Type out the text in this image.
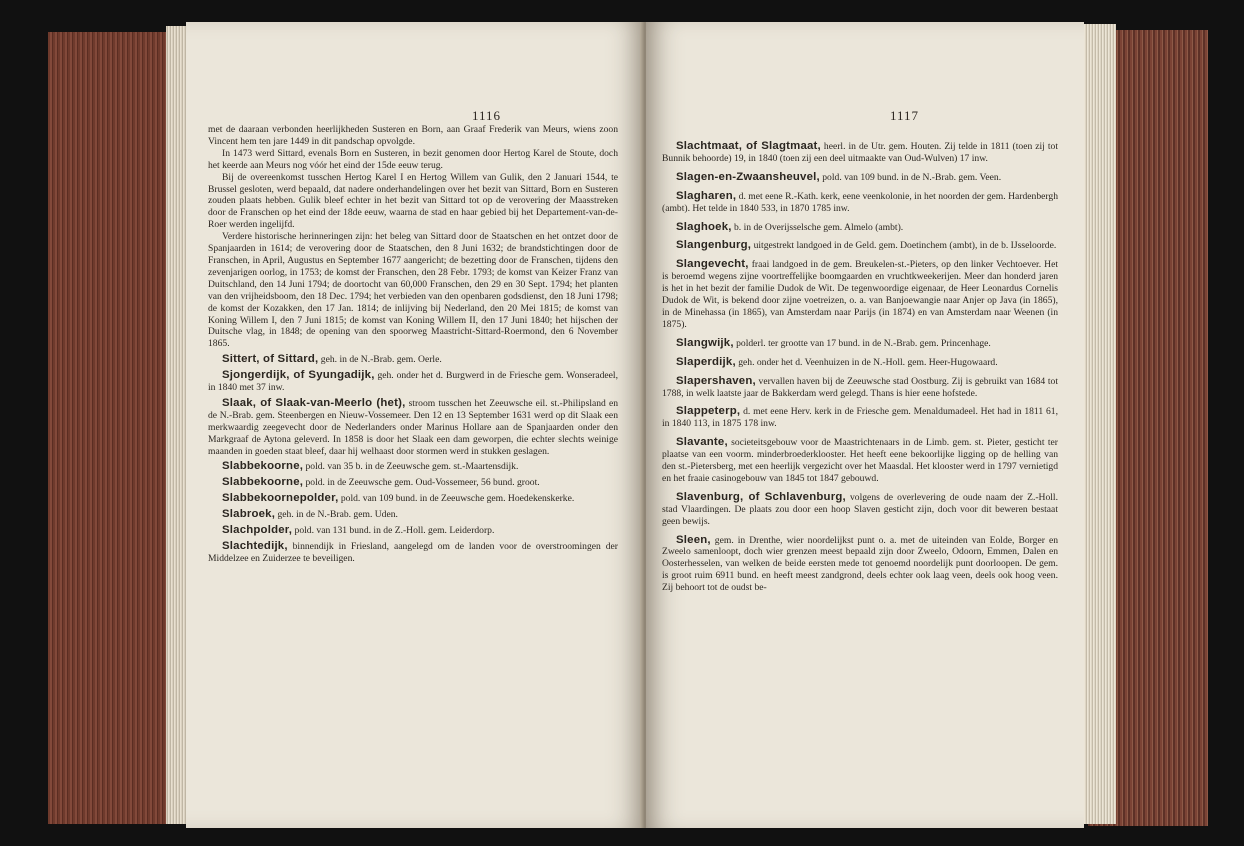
1116

met de daaraan verbonden heerlijkheden Susteren en Born, aan Graaf Frederik van Meurs, wiens zoon Vincent hem ten jare 1449 in dit pandschap opvolgde.

In 1473 werd Sittard, evenals Born en Susteren, in bezit genomen door Hertog Karel de Stoute, doch het keerde aan Meurs nog vóór het eind der 15de eeuw terug.

Bij de overeenkomst tusschen Hertog Karel I en Hertog Willem van Gulik, den 2 Januari 1544, te Brussel gesloten, werd bepaald, dat nadere onderhandelingen over het bezit van Sittard, Born en Susteren zouden plaats hebben. Gulik bleef echter in het bezit van Sittard tot op de verovering der Maasstreken door de Franschen op het eind der 18de eeuw, waarna de stad en haar gebied bij het Departement-van-de-Roer werden ingelijfd.

Verdere historische herinneringen zijn: het beleg van Sittard door de Staatschen en het ontzet door de Spanjaarden in 1614; de verovering door de Staatschen, den 8 Juni 1632; de brandstichtingen door de Franschen, in April, Augustus en September 1677 aangericht; de bezetting door de Franschen, tijdens den zevenjarigen oorlog, in 1753; de komst der Franschen, den 28 Febr. 1793; de komst van Keizer Franz van Duitschland, den 14 Juni 1794; de doortocht van 60,000 Franschen, den 29 en 30 Sept. 1794; het planten van den vrijheidsboom, den 18 Dec. 1794; het verbieden van den openbaren godsdienst, den 18 Juni 1798; de komst der Kozakken, den 17 Jan. 1814; de inlijving bij Nederland, den 20 Mei 1815; de komst van Koning Willem I, den 7 Juni 1815; de komst van Koning Willem II, den 17 Juni 1840; het hijschen der Duitsche vlag, in 1848; de opening van den spoorweg Maastricht-Sittard-Roermond, den 6 November 1865.

Sittert, of Sittard, geh. in de N.-Brab. gem. Oerle.

Sjongerdijk, of Syungadijk, geh. onder het d. Burgwerd in de Friesche gem. Wonseradeel, in 1840 met 37 inw.

Slaak, of Slaak-van-Meerlo (het), stroom tusschen het Zeeuwsche eil. st.-Philipsland en de N.-Brab. gem. Steenbergen en Nieuw-Vossemeer. Den 12 en 13 September 1631 werd op dit Slaak een merkwaardig zeegevecht door de Nederlanders onder Marinus Hollare aan de Spanjaarden onder den Markgraaf de Aytona geleverd. In 1858 is door het Slaak een dam geworpen, die echter slechts weinige maanden in goeden staat bleef, daar hij welhaast door stormen werd in stukken geslagen.

Slabbekoorne, pold. van 35 b. in de Zeeuwsche gem. st.-Maartensdijk.

Slabbekoorne, pold. in de Zeeuwsche gem. Oud-Vossemeer, 56 bund. groot.

Slabbekoornepolder, pold. van 109 bund. in de Zeeuwsche gem. Hoedekenskerke.

Slabroek, geh. in de N.-Brab. gem. Uden.

Slachpolder, pold. van 131 bund. in de Z.-Holl. gem. Leiderdorp.

Slachtedijk, binnendijk in Friesland, aangelegd om de landen voor de overstroomingen der Middelzee en Zuiderzee te beveiligen.

1117

Slachtmaat, of Slagtmaat, heerl. in de Utr. gem. Houten. Zij telde in 1811 (toen zij tot Bunnik behoorde) 19, in 1840 (toen zij een deel uitmaakte van Oud-Wulven) 17 inw.

Slagen-en-Zwaansheuvel, pold. van 109 bund. in de N.-Brab. gem. Veen.

Slagharen, d. met eene R.-Kath. kerk, eene veenkolonie, in het noorden der gem. Hardenbergh (ambt). Het telde in 1840 533, in 1870 1785 inw.

Slaghoek, b. in de Overijsselsche gem. Almelo (ambt).

Slangenburg, uitgestrekt landgoed in de Geld. gem. Doetinchem (ambt), in de b. IJsseloorde.

Slangevecht, fraai landgoed in de gem. Breukelen-st.-Pieters, op den linker Vechtoever. Het is beroemd wegens zijne voortreffelijke boomgaarden en vruchtkweekerijen. Meer dan honderd jaren is het in het bezit der familie Dudok de Wit. De tegenwoordige eigenaar, de Heer Leonardus Cornelis Dudok de Wit, is bekend door zijne voetreizen, o. a. van Banjoewangie naar Anjer op Java (in 1865), in de Minehassa (in 1865), van Amsterdam naar Parijs (in 1874) en van Amsterdam naar Weenen (in 1875).

Slangwijk, polderl. ter grootte van 17 bund. in de N.-Brab. gem. Princenhage.

Slaperdijk, geh. onder het d. Veenhuizen in de N.-Holl. gem. Heer-Hugowaard.

Slapershaven, vervallen haven bij de Zeeuwsche stad Oostburg. Zij is gebruikt van 1684 tot 1788, in welk laatste jaar de Bakkerdam werd gelegd. Thans is hier eene hofstede.

Slappeterp, d. met eene Herv. kerk in de Friesche gem. Menaldumadeel. Het had in 1811 61, in 1840 113, in 1875 178 inw.

Slavante, societeitsgebouw voor de Maastrichtenaars in de Limb. gem. st. Pieter, gesticht ter plaatse van een voorm. minderbroederklooster. Het heeft eene bekoorlijke ligging op de helling van den st.-Pietersberg, met een heerlijk vergezicht over het Maasdal. Het klooster werd in 1797 vernietigd en het fraaie casinogebouw van 1845 tot 1847 gebouwd.

Slavenburg, of Schlavenburg, volgens de overlevering de oude naam der Z.-Holl. stad Vlaardingen. De plaats zou door een hoop Slaven gesticht zijn, doch voor dit beweren bestaat geen bewijs.

Sleen, gem. in Drenthe, wier noordelijkst punt o. a. met de uiteinden van Eolde, Borger en Zweelo samenloopt, doch wier grenzen meest bepaald zijn door Zweelo, Odoorn, Emmen, Dalen en Oosterhesselen, van welken de beide eersten mede tot genoemd noordelijk punt doorloopen. De gem. is groot ruim 6911 bund. en heeft meest zandgrond, deels echter ook laag veen, deels ook hoog veen. Zij behoort tot de oudst be-
